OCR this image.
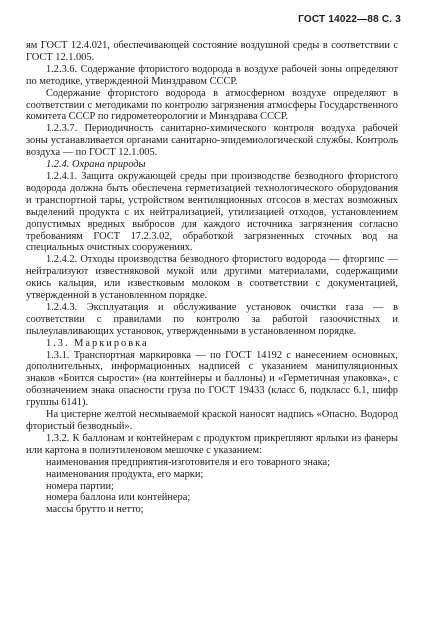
ГОСТ 14022—88 С. 3

ям ГОСТ 12.4.021, обеспечивающей состояние воздушной среды в соответствии с ГОСТ 12.1.005.

1.2.3.6. Содержание фтористого водорода в воздухе рабочей зоны определяют по методике, утвержденной Минздравом СССР.

Содержание фтористого водорода в атмосферном воздухе определяют в соответствии с методиками по контролю загрязнения атмосферы Государственного комитета СССР по гидрометеорологии и Минздрава СССР.

1.2.3.7. Периодичность санитарно-химического контроля воздуха рабочей зоны устанавливается органами санитарно-эпидемиологической службы. Контроль воздуха — по ГОСТ 12.1.005.

1.2.4. Охрана природы

1.2.4.1. Защита окружающей среды при производстве безводного фтористого водорода должна быть обеспечена герметизацией технологического оборудования и транспортной тары, устройством вентиляционных отсосов в местах возможных выделений продукта с их нейтрализацией, утилизацией отходов, установлением допустимых вредных выбросов для каждого источника загрязнения согласно требованиям ГОСТ 17.2.3.02, обработкой загрязненных сточных вод на специальных очистных сооружениях.

1.2.4.2. Отходы производства безводного фтористого водорода — фторгипс — нейтрализуют известняковой мукой или другими материалами, содержащими окись кальция, или известковым молоком в соответствии с документацией, утвержденной в установленном порядке.

1.2.4.3. Эксплуатация и обслуживание установок очистки газа — в соответствии с правилами по контролю за работой газоочистных и пылеулавливающих установок, утвержденными в установленном порядке.

1.3. Маркировка

1.3.1. Транспортная маркировка — по ГОСТ 14192 с нанесением основных, дополнительных, информационных надписей с указанием манипуляционных знаков «Боится сырости» (на контейнеры и баллоны) и «Герметичная упаковка», с обозначением знака опасности груза по ГОСТ 19433 (класс 6, подкласс 6.1, шифр группы 6141).

На цистерне желтой несмываемой краской наносят надпись «Опасно. Водород фтористый безводный».

1.3.2. К баллонам и контейнерам с продуктом прикрепляют ярлыки из фанеры или картона в полиэтиленовом мешочке с указанием:

наименования предприятия-изготовителя и его товарного знака;

наименования продукта, его марки;

номера партии;

номера баллона или контейнера;

массы брутто и нетто;
